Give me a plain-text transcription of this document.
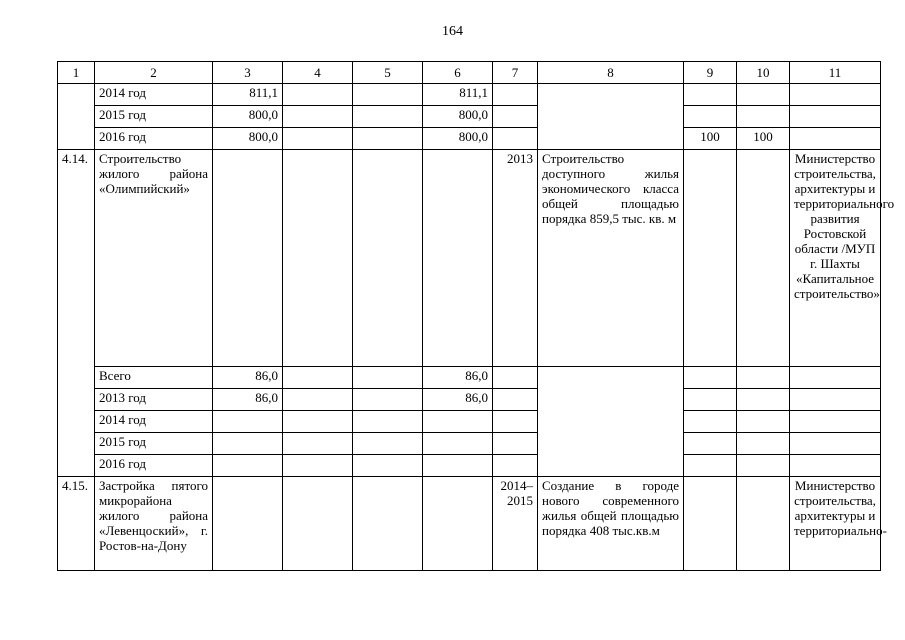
164
1	2	3	4	5	6	7	8	9	10	11
	2014 год	811,1			811,1					
	2015 год	800,0			800,0					
	2016 год	800,0			800,0			100	100	
4.14.	Строительство жилого района «Олимпийский»					2013	Строительство доступного жилья экономического класса общей площадью порядка 859,5 тыс. кв. м			Министерство строительства, архитектуры и территориального развития Ростовской области /МУП г. Шахты «Капитальное строительство»
	Всего	86,0			86,0					
	2013 год	86,0			86,0					
	2014 год									
	2015 год									
	2016 год									
4.15.	Застройка пятого микрорайона жилого района «Левенцоский», г. Ростов-на-Дону					2014–2015	Создание в городе нового современного жилья общей площадью порядка 408 тыс.кв.м			Министерство строительства, архитектуры и территориально-
